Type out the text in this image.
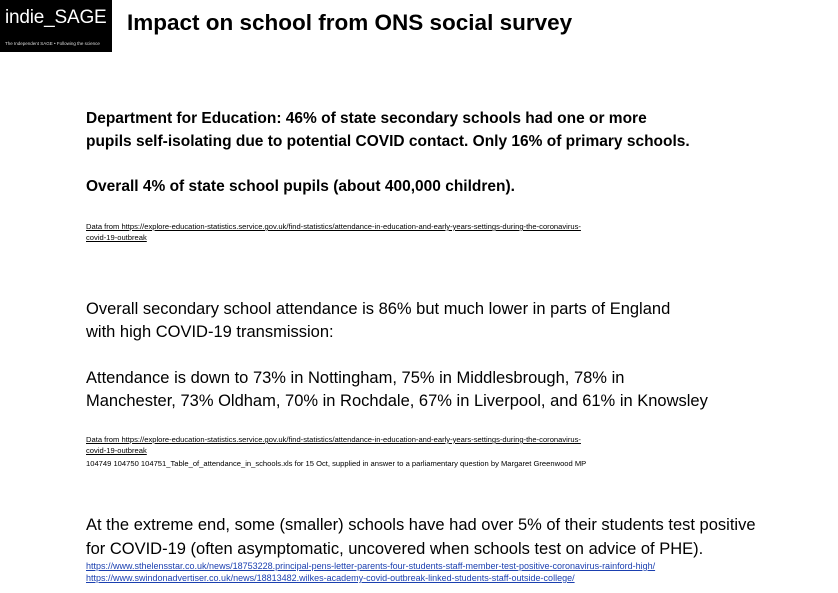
indie_SAGE
The Independent SAGE • Following the science
Impact on school from ONS social survey
Department for Education: 46% of state secondary schools had one or more
pupils self-isolating due to potential COVID contact. Only 16% of primary schools.
Overall 4% of state school pupils (about 400,000 children).
Data from https://explore-education-statistics.service.gov.uk/find-statistics/attendance-in-education-and-early-years-settings-during-the-coronavirus-
covid-19-outbreak
Overall secondary school attendance is 86% but much lower in parts of England
with high COVID-19 transmission:
Attendance is down to 73% in Nottingham, 75% in Middlesbrough, 78% in
Manchester, 73% Oldham, 70% in Rochdale, 67% in Liverpool, and 61% in Knowsley
Data from https://explore-education-statistics.service.gov.uk/find-statistics/attendance-in-education-and-early-years-settings-during-the-coronavirus-
covid-19-outbreak
104749 104750 104751_Table_of_attendance_in_schools.xls for 15 Oct, supplied in answer to a parliamentary question by Margaret Greenwood MP
At the extreme end, some (smaller) schools have had over 5% of their students test positive
for COVID-19 (often asymptomatic, uncovered when schools test on advice of PHE).
https://www.sthelensstar.co.uk/news/18753228.principal-pens-letter-parents-four-students-staff-member-test-positive-coronavirus-rainford-high/
https://www.swindonadvertiser.co.uk/news/18813482.wilkes-academy-covid-outbreak-linked-students-staff-outside-college/
